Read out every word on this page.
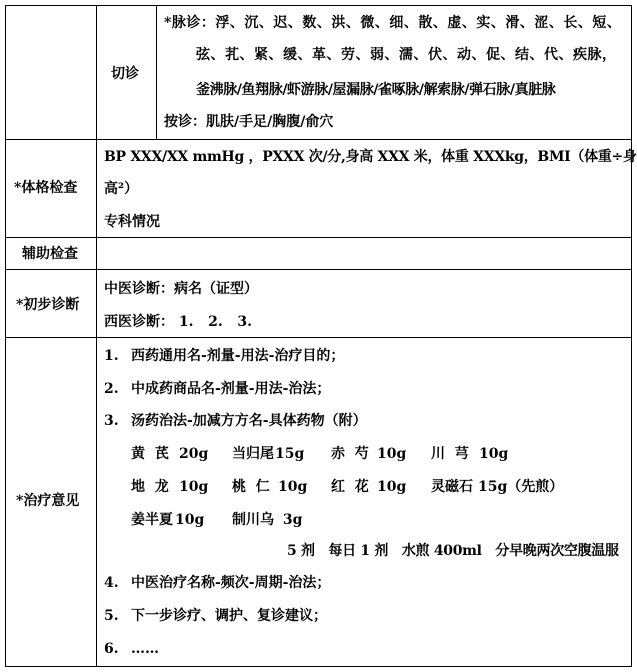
切诊
*脉诊：浮、沉、迟、数、洪、微、细、散、虚、实、滑、涩、长、短、
弦、芤、紧、缓、革、劳、弱、濡、伏、动、促、结、代、疾脉，
釜沸脉/鱼翔脉/虾游脉/屋漏脉/雀啄脉/解索脉/弹石脉/真脏脉
按诊：肌肤/手足/胸腹/俞穴
*体格检查
BP XXX/XX mmHg ，PXXX 次/分,身高 XXX 米，体重 XXXkg，BMI（体重÷身
高²）
专科情况
辅助检查
*初步诊断
中医诊断：病名（证型）
西医诊断： 1.   2.   3.
*治疗意见
1. 西药通用名-剂量-用法-治疗目的；
2. 中成药商品名-剂量-用法-治法；
3. 汤药治法-加减方方名-具体药物（附）
黄  芪 20g 当归尾 15g 赤  芍 10g 川  芎 10g
地  龙 10g 桃  仁 10g 红  花 10g 灵磁石 15g（先煎）
姜半夏 10g 制川乌 3g
5 剂   每日 1 剂   水煎 400ml   分早晚两次空腹温服
4. 中医治疗名称-频次-周期-治法；
5. 下一步诊疗、调护、复诊建议；
6. ……
